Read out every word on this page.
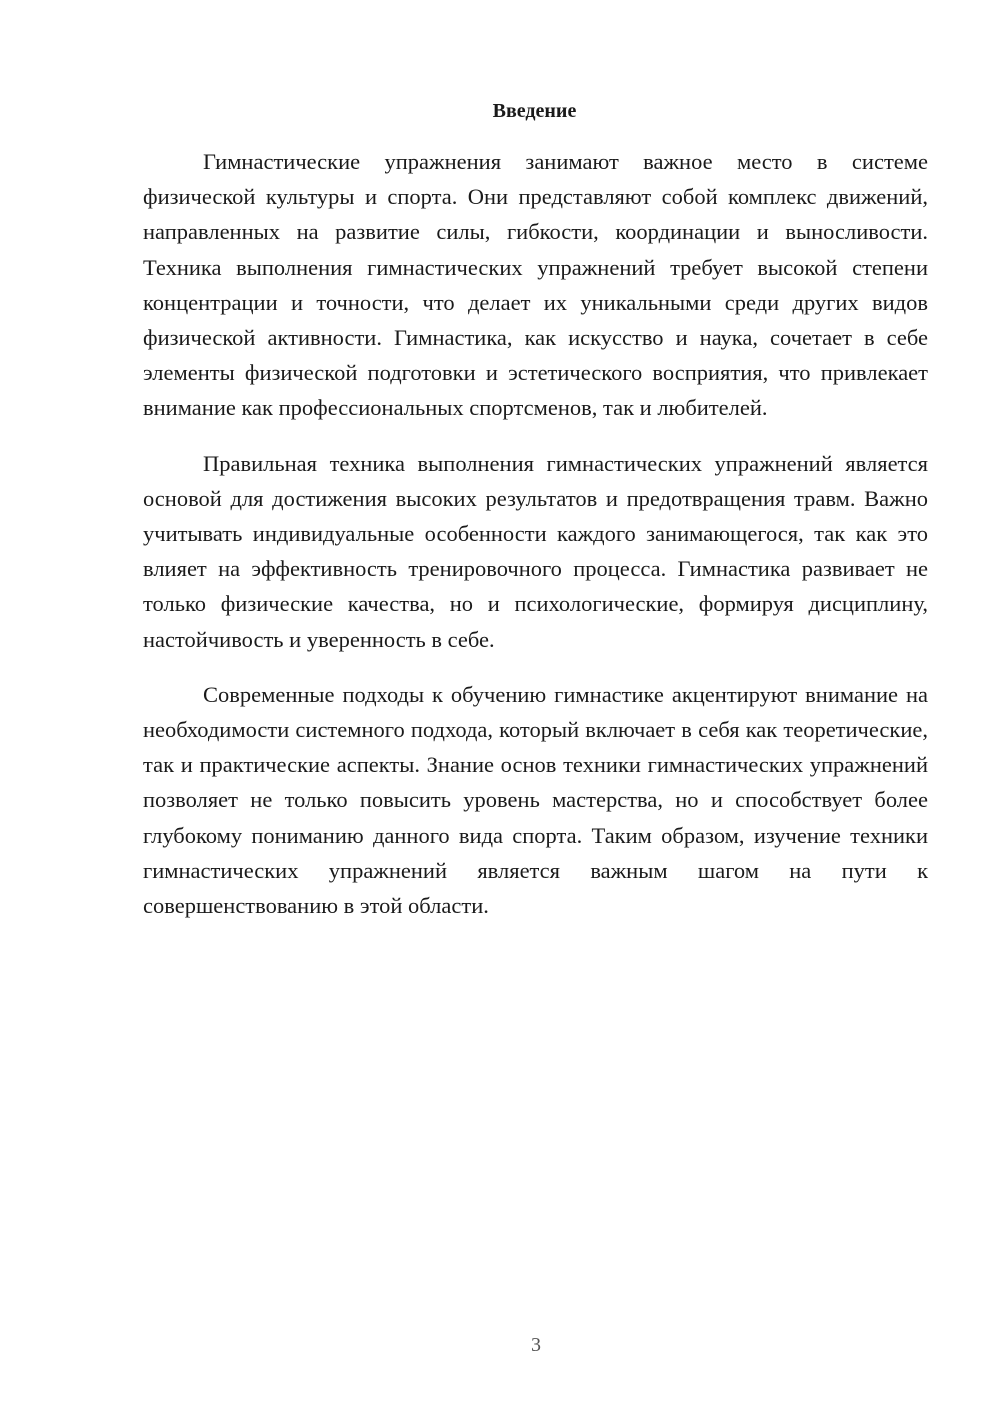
Введение

Гимнастические упражнения занимают важное место в системе физической культуры и спорта. Они представляют собой комплекс движений, направленных на развитие силы, гибкости, координации и выносливости. Техника выполнения гимнастических упражнений требует высокой степени концентрации и точности, что делает их уникальными среди других видов физической активности. Гимнастика, как искусство и наука, сочетает в себе элементы физической подготовки и эстетического восприятия, что привлекает внимание как профессиональных спортсменов, так и любителей.

Правильная техника выполнения гимнастических упражнений является основой для достижения высоких результатов и предотвращения травм. Важно учитывать индивидуальные особенности каждого занимающегося, так как это влияет на эффективность тренировочного процесса. Гимнастика развивает не только физические качества, но и психологические, формируя дисциплину, настойчивость и уверенность в себе.

Современные подходы к обучению гимнастике акцентируют внимание на необходимости системного подхода, который включает в себя как теоретические, так и практические аспекты. Знание основ техники гимнастических упражнений позволяет не только повысить уровень мастерства, но и способствует более глубокому пониманию данного вида спорта. Таким образом, изучение техники гимнастических упражнений является важным шагом на пути к совершенствованию в этой области.

3
